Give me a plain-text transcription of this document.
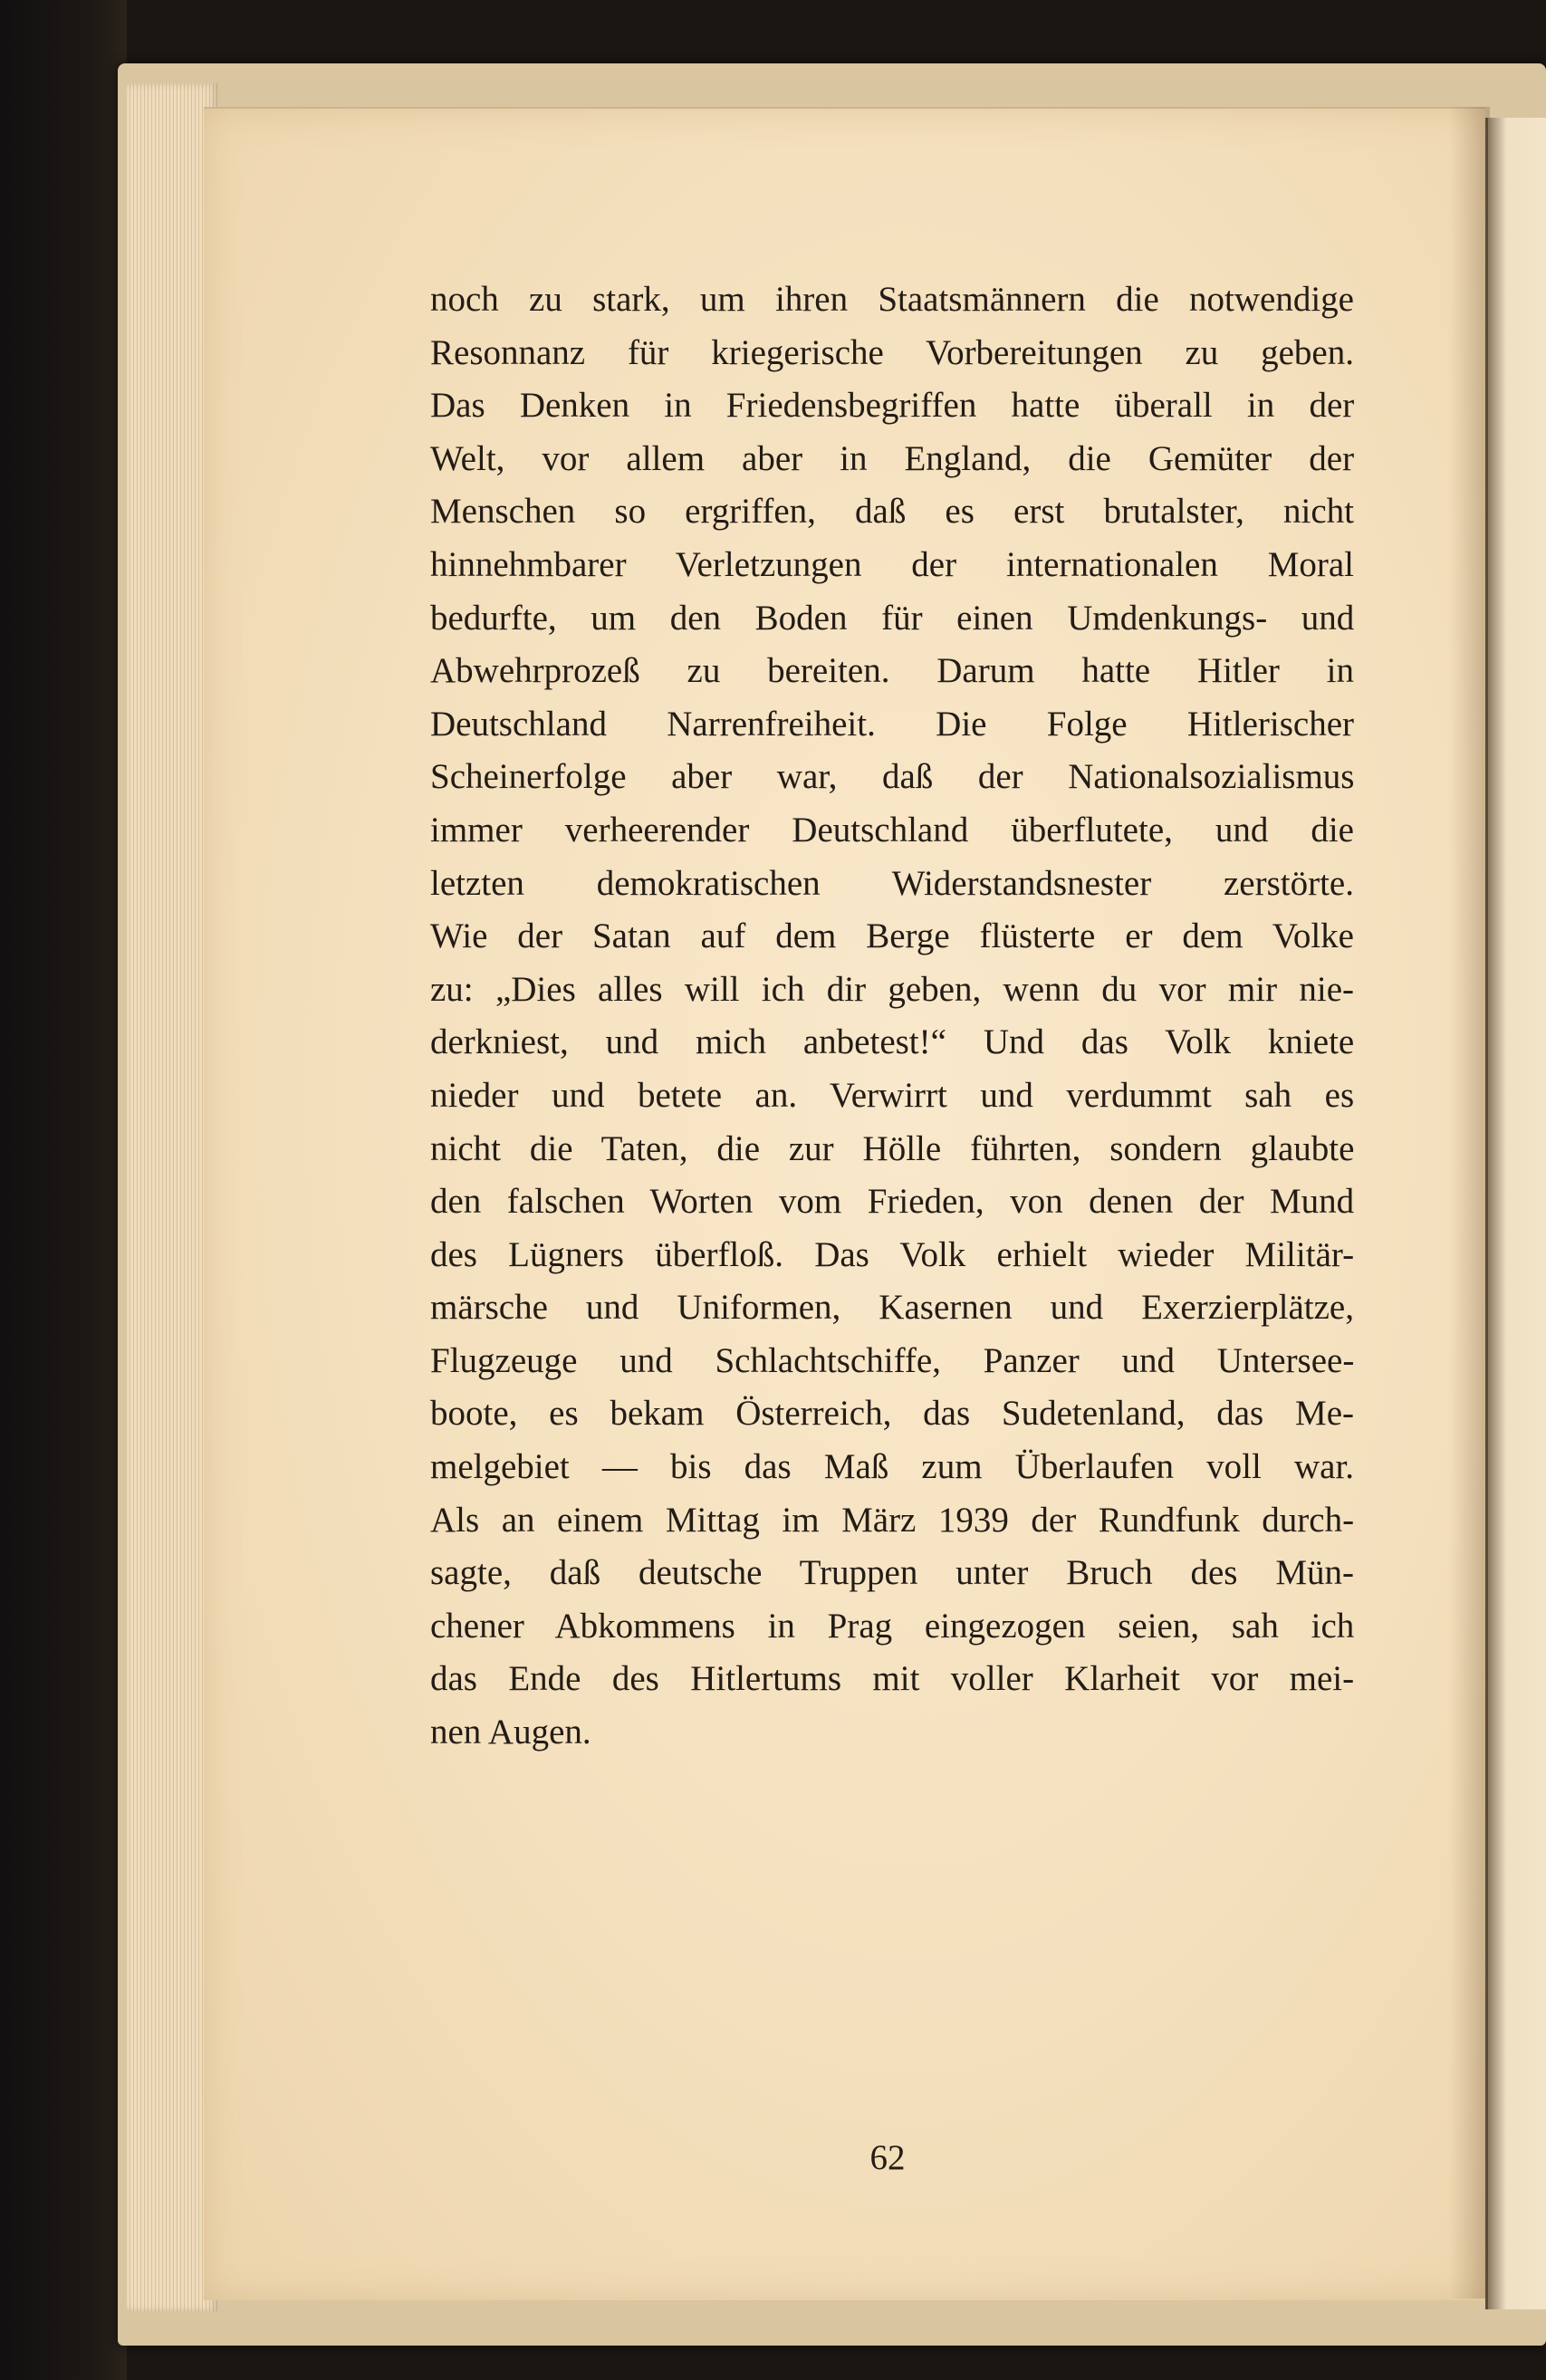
noch zu stark, um ihren Staatsmännern die notwendige
Resonnanz für kriegerische Vorbereitungen zu geben.
Das Denken in Friedensbegriffen hatte überall in der
Welt, vor allem aber in England, die Gemüter der
Menschen so ergriffen, daß es erst brutalster, nicht
hinnehmbarer Verletzungen der internationalen Moral
bedurfte, um den Boden für einen Umdenkungs- und
Abwehrprozeß zu bereiten. Darum hatte Hitler in
Deutschland Narrenfreiheit. Die Folge Hitlerischer
Scheinerfolge aber war, daß der Nationalsozialismus
immer verheerender Deutschland überflutete, und die
letzten demokratischen Widerstandsnester zerstörte.
Wie der Satan auf dem Berge flüsterte er dem Volke
zu: „Dies alles will ich dir geben, wenn du vor mir nie-
derkniest, und mich anbetest!“ Und das Volk kniete
nieder und betete an. Verwirrt und verdummt sah es
nicht die Taten, die zur Hölle führten, sondern glaubte
den falschen Worten vom Frieden, von denen der Mund
des Lügners überfloß. Das Volk erhielt wieder Militär-
märsche und Uniformen, Kasernen und Exerzierplätze,
Flugzeuge und Schlachtschiffe, Panzer und Untersee-
boote, es bekam Österreich, das Sudetenland, das Me-
melgebiet — bis das Maß zum Überlaufen voll war.
Als an einem Mittag im März 1939 der Rundfunk durch-
sagte, daß deutsche Truppen unter Bruch des Mün-
chener Abkommens in Prag eingezogen seien, sah ich
das Ende des Hitlertums mit voller Klarheit vor mei-
nen Augen.
62
